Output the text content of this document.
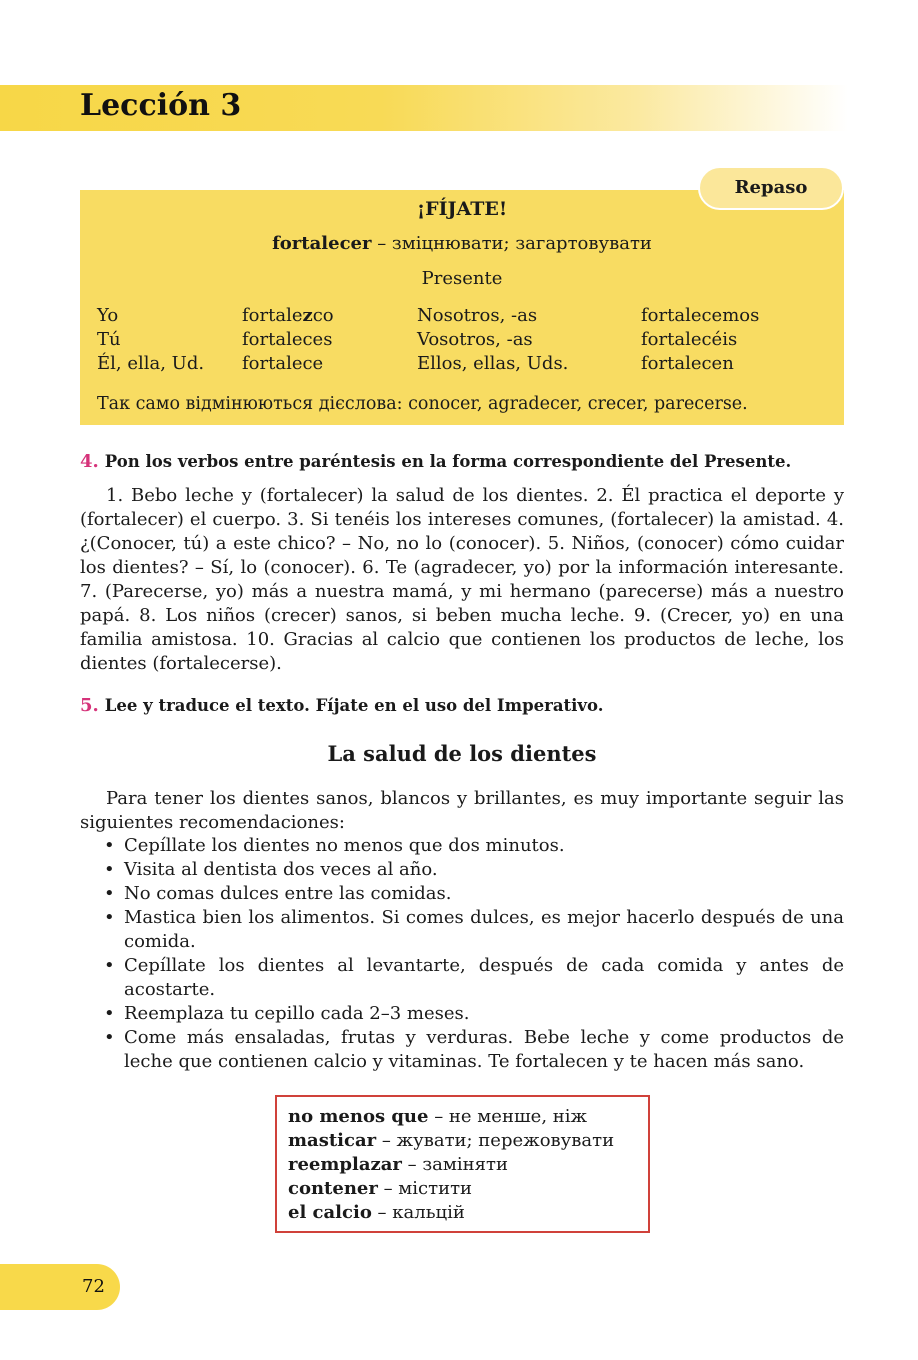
Lección 3
Repaso
¡FÍJATE!
fortalecer – зміцнювати; загартовувати
Presente
Yo
Tú
Él, ella, Ud.
fortalezco
fortaleces
fortalece
Nosotros, -as
Vosotros, -as
Ellos, ellas, Uds.
fortalecemos
fortalecéis
fortalecen
Так само відмінюються дієслова: conocer, agradecer, crecer, parecerse.
4. Pon los verbos entre paréntesis en la forma correspondiente del Presente.

1. Bebo leche y (fortalecer) la salud de los dientes. 2. Él practica el deporte y (fortalecer) el cuerpo. 3. Si tenéis los intereses comunes, (fortalecer) la amistad. 4. ¿(Conocer, tú) a este chico? – No, no lo (conocer). 5. Niños, (conocer) cómo cuidar los dientes? – Sí, lo (conocer). 6. Te (agradecer, yo) por la información interesante. 7. (Parecerse, yo) más a nuestra mamá, y mi hermano (parecerse) más a nuestro papá. 8. Los niños (crecer) sanos, si beben mucha leche. 9. (Crecer, yo) en una familia amistosa. 10. Gracias al calcio que contienen los productos de leche, los dientes (fortalecerse).

5. Lee y traduce el texto. Fíjate en el uso del Imperativo.
La salud de los dientes

Para tener los dientes sanos, blancos y brillantes, es muy importante seguir las siguientes recomendaciones:

• Cepíllate los dientes no menos que dos minutos.
• Visita al dentista dos veces al año.
• No comas dulces entre las comidas.
• Mastica bien los alimentos. Si comes dulces, es mejor hacerlo después de una comida.
• Cepíllate los dientes al levantarte, después de cada comida y antes de acostarte.
• Reemplaza tu cepillo cada 2–3 meses.
• Come más ensaladas, frutas y verduras. Bebe leche y come productos de leche que contienen calcio y vitaminas. Te fortalecen y te hacen más sano.
no menos que – не менше, ніж
masticar – жувати; пережовувати
reemplazar – заміняти
contener – містити
el calcio – кальцій
72
